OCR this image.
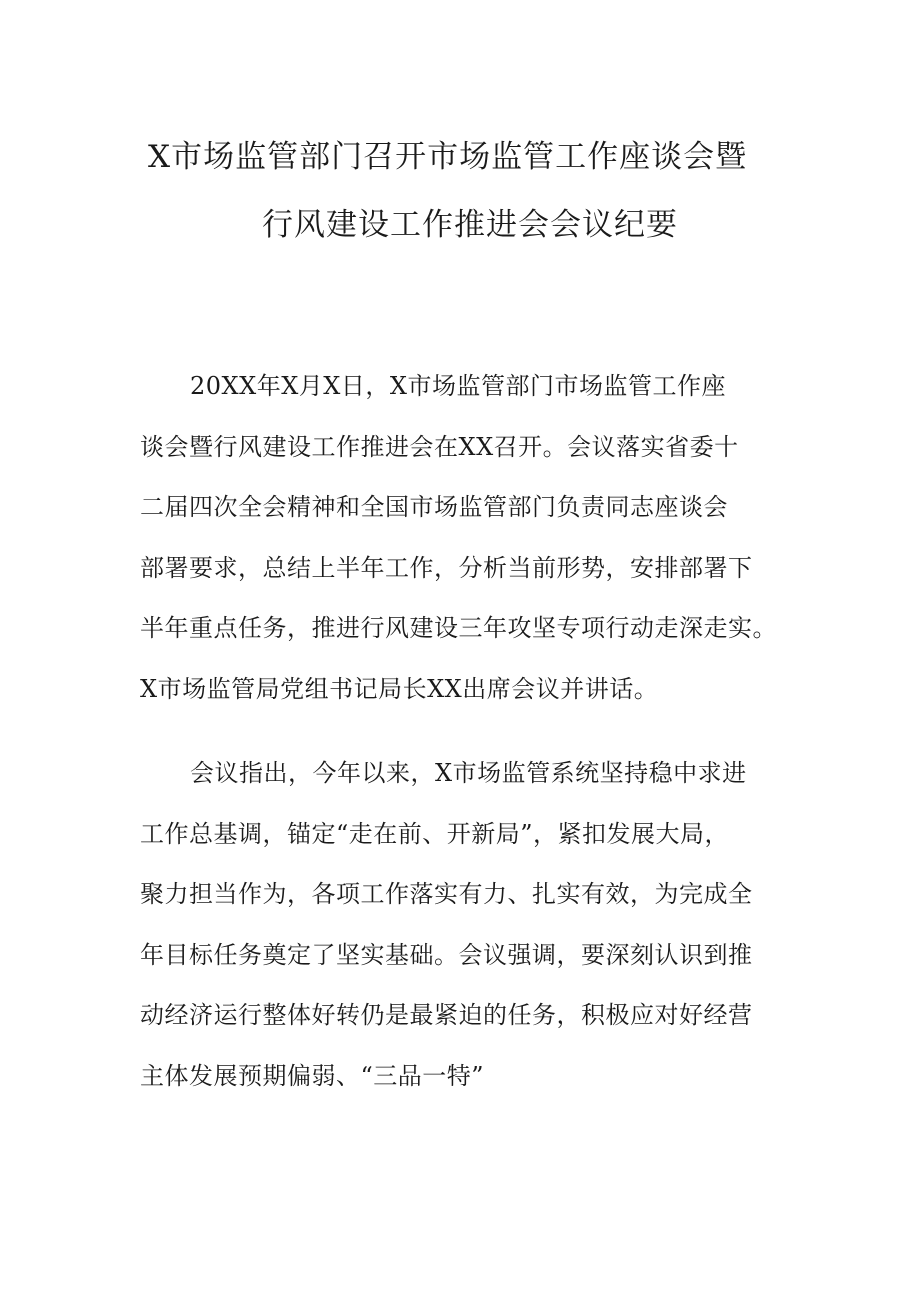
X市场监管部门召开市场监管工作座谈会暨
行风建设工作推进会会议纪要

20XX年X月X日，X市场监管部门市场监管工作座
谈会暨行风建设工作推进会在XX召开。会议落实省委十
二届四次全会精神和全国市场监管部门负责同志座谈会
部署要求，总结上半年工作，分析当前形势，安排部署下
半年重点任务，推进行风建设三年攻坚专项行动走深走实。
X市场监管局党组书记局长XX出席会议并讲话。

会议指出，今年以来，X市场监管系统坚持稳中求进
工作总基调，锚定“走在前、开新局”，紧扣发展大局，
聚力担当作为，各项工作落实有力、扎实有效，为完成全
年目标任务奠定了坚实基础。会议强调，要深刻认识到推
动经济运行整体好转仍是最紧迫的任务，积极应对好经营
主体发展预期偏弱、“三品一特”
